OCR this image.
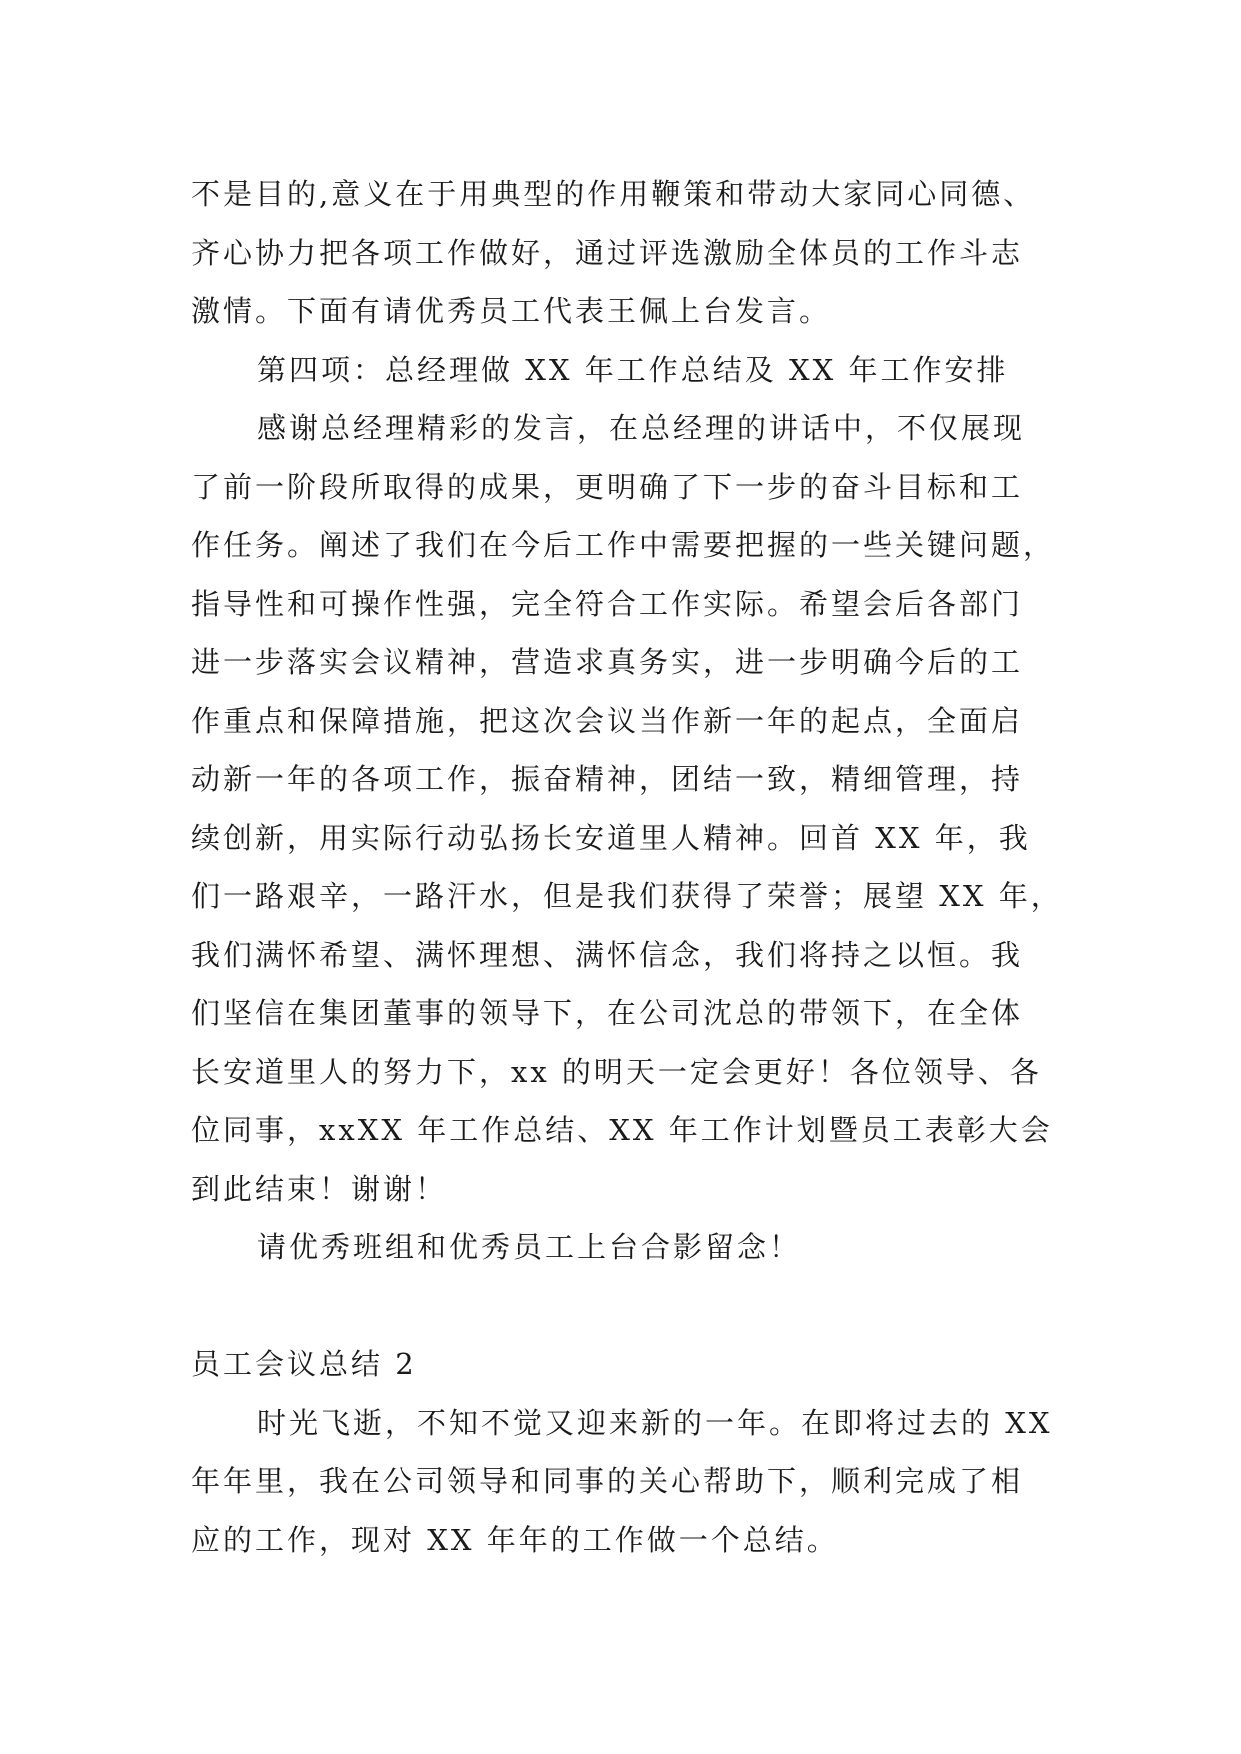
不是目的,意义在于用典型的作用鞭策和带动大家同心同德、
齐心协力把各项工作做好，通过评选激励全体员的工作斗志
激情。下面有请优秀员工代表王佩上台发言。
第四项：总经理做 XX 年工作总结及 XX 年工作安排
感谢总经理精彩的发言，在总经理的讲话中，不仅展现
了前一阶段所取得的成果，更明确了下一步的奋斗目标和工
作任务。阐述了我们在今后工作中需要把握的一些关键问题，
指导性和可操作性强，完全符合工作实际。希望会后各部门
进一步落实会议精神，营造求真务实，进一步明确今后的工
作重点和保障措施，把这次会议当作新一年的起点，全面启
动新一年的各项工作，振奋精神，团结一致，精细管理，持
续创新，用实际行动弘扬长安道里人精神。回首 XX 年，我
们一路艰辛，一路汗水，但是我们获得了荣誉；展望 XX 年，
我们满怀希望、满怀理想、满怀信念，我们将持之以恒。我
们坚信在集团董事的领导下，在公司沈总的带领下，在全体
长安道里人的努力下，xx 的明天一定会更好！各位领导、各
位同事，xxXX 年工作总结、XX 年工作计划暨员工表彰大会
到此结束！谢谢！
请优秀班组和优秀员工上台合影留念！
员工会议总结 2
时光飞逝，不知不觉又迎来新的一年。在即将过去的 XX
年年里，我在公司领导和同事的关心帮助下，顺利完成了相
应的工作，现对 XX 年年的工作做一个总结。
